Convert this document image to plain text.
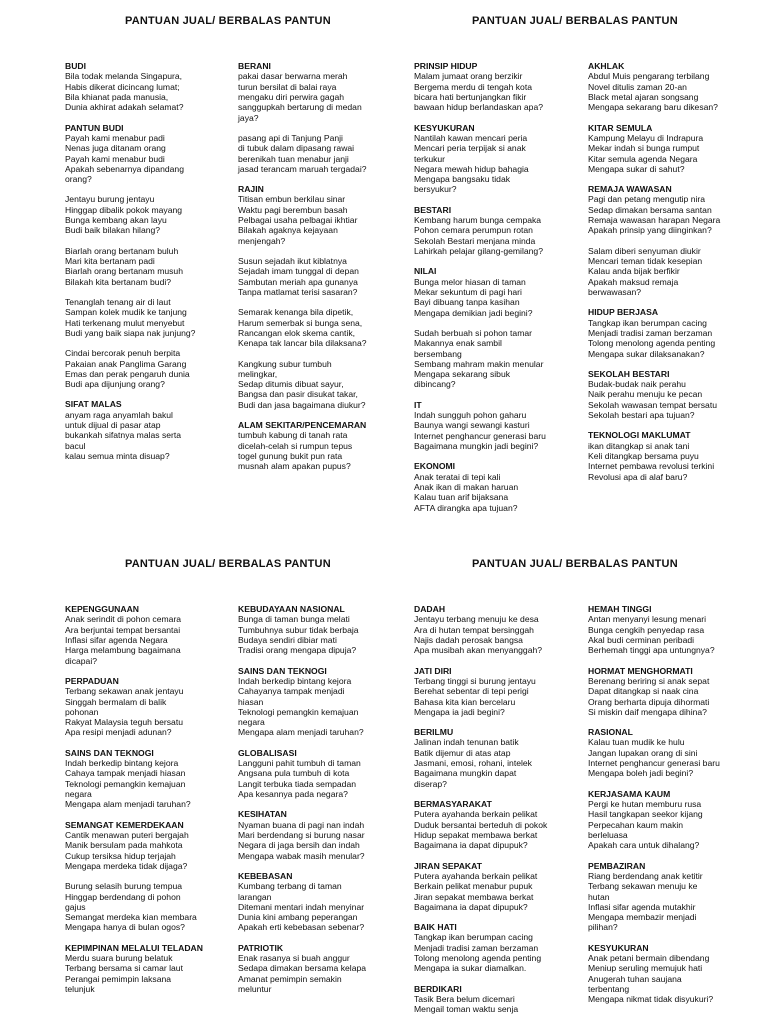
PANTUAN JUAL/ BERBALAS PANTUN	PANTUAN JUAL/ BERBALAS PANTUN
PANTUAN JUAL/ BERBALAS PANTUN	PANTUAN JUAL/ BERBALAS PANTUN
BUDI
Bila todak melanda Singapura,
Habis dikerat dicincang lumat;
Bila khianat pada manusia,
Dunia akhirat adakah selamat?
PANTUN BUDI
Payah kami menabur padi
Nenas juga ditanam orang
Payah kami menabur budi
Apakah sebenarnya dipandang
orang?
Jentayu burung jentayu
Hinggap dibalik pokok mayang
Bunga kembang akan layu
Budi baik bilakan hilang?
Biarlah orang bertanam buluh
Mari kita bertanam padi
Biarlah orang bertanam musuh
Bilakah kita bertanam budi?
Tenanglah tenang air di laut
Sampan kolek mudik ke tanjung
Hati terkenang mulut menyebut
Budi yang baik siapa nak junjung?
Cindai bercorak penuh berpita
Pakaian anak Panglima Garang
Emas dan perak pengaruh dunia
Budi apa dijunjung orang?
SIFAT MALAS
anyam raga anyamlah bakul
untuk dijual di pasar atap
bukankah sifatnya malas serta
bacul
kalau semua minta disuap?
BERANI
pakai dasar berwarna merah
turun bersilat di balai raya
mengaku diri perwira gagah
sanggupkah bertarung di medan
jaya?
pasang api di Tanjung Panji
di tubuk dalam dipasang rawai
berenikah tuan menabur janji
jasad terancam maruah tergadai?
RAJIN
Titisan embun berkilau sinar
Waktu pagi berembun basah
Pelbagai usaha pelbagai ikhtiar
Bilakah agaknya kejayaan
menjengah?
Susun sejadah ikut kiblatnya
Sejadah imam tunggal di depan
Sambutan meriah apa gunanya
Tanpa matlamat terisi sasaran?
Semarak kenanga bila dipetik,
Harum semerbak si bunga sena,
Rancangan elok skema cantik,
Kenapa tak lancar bila dilaksana?
Kangkung subur tumbuh
melingkar,
Sedap ditumis dibuat sayur,
Bangsa dan pasir disukat takar,
Budi dan jasa bagaimana diukur?
ALAM SEKITAR/PENCEMARAN
tumbuh kabung di tanah rata
dicelah-celah si rumpun tepus
togel gunung bukit pun rata
musnah alam apakan pupus?
PRINSIP HIDUP
Malam jumaat orang berzikir
Bergema merdu di tengah kota
bicara hati bertunjangkan fikir
bawaan hidup berlandaskan apa?
KESYUKURAN
Nantilah kawan mencari peria
Mencari peria terpijak si anak
terkukur
Negara mewah hidup bahagia
Mengapa bangsaku tidak
bersyukur?
BESTARI
Kembang harum bunga cempaka
Pohon cemara perumpun rotan
Sekolah Bestari menjana minda
Lahirkah pelajar gilang-gemilang?
NILAI
Bunga melor hiasan di taman
Mekar sekuntum di pagi hari
Bayi dibuang tanpa kasihan
Mengapa demikian jadi begini?
Sudah berbuah si pohon tamar
Makannya enak sambil
bersembang
Sembang mahram makin menular
Mengapa sekarang sibuk
dibincang?
IT
Indah sungguh pohon gaharu
Baunya wangi sewangi kasturi
Internet penghancur generasi baru
Bagaimana mungkin jadi begini?
EKONOMI
Anak teratai di tepi kali
Anak ikan di makan haruan
Kalau tuan arif bijaksana
AFTA dirangka apa tujuan?
AKHLAK
Abdul Muis pengarang terbilang
Novel ditulis zaman 20-an
Black metal ajaran songsang
Mengapa sekarang baru dikesan?
KITAR SEMULA
Kampung Melayu di Indrapura
Mekar indah si bunga rumput
Kitar semula agenda Negara
Mengapa sukar di sahut?
REMAJA WAWASAN
Pagi dan petang mengutip nira
Sedap dimakan bersama santan
Remaja wawasan harapan Negara
Apakah prinsip yang diinginkan?
Salam diberi senyuman diukir
Mencari teman tidak kesepian
Kalau anda bijak berfikir
Apakah maksud remaja
berwawasan?
HIDUP BERJASA
Tangkap ikan berumpan cacing
Menjadi tradisi zaman berzaman
Tolong menolong agenda penting
Mengapa sukar dilaksanakan?
SEKOLAH BESTARI
Budak-budak naik perahu
Naik perahu menuju ke pecan
Sekolah wawasan tempat bersatu
Sekolah bestari apa tujuan?
TEKNOLOGI MAKLUMAT
ikan ditangkap si anak tani
Keli ditangkap bersama puyu
Internet pembawa revolusi terkini
Revolusi apa di alaf baru?
KEPENGGUNAAN
Anak serindit di pohon cemara
Ara berjuntai tempat bersantai
Inflasi sifar agenda Negara
Harga melambung bagaimana
dicapai?
PERPADUAN
Terbang sekawan anak jentayu
Singgah bermalam di balik
pohonan
Rakyat Malaysia teguh bersatu
Apa resipi menjadi adunan?
SAINS DAN TEKNOGI
Indah berkedip bintang kejora
Cahaya tampak menjadi hiasan
Teknologi pemangkin kemajuan
negara
Mengapa alam menjadi taruhan?
SEMANGAT KEMERDEKAAN
Cantik menawan puteri bergajah
Manik bersulam pada mahkota
Cukup tersiksa hidup terjajah
Mengapa merdeka tidak dijaga?
Burung selasih burung tempua
Hinggap berdendang di pohon
gajus
Semangat merdeka kian membara
Mengapa hanya di bulan ogos?
KEPIMPINAN MELALUI TELADAN
Merdu suara burung belatuk
Terbang bersama si camar laut
Perangai pemimpin laksana
telunjuk
KEBUDAYAAN NASIONAL
Bunga di taman bunga melati
Tumbuhnya subur tidak berbaja
Budaya sendiri dibiar mati
Tradisi orang mengapa dipuja?
SAINS DAN TEKNOGI
Indah berkedip bintang kejora
Cahayanya tampak menjadi
hiasan
Teknologi pemangkin kemajuan
negara
Mengapa alam menjadi taruhan?
GLOBALISASI
Langguni pahit tumbuh di taman
Angsana pula tumbuh di kota
Langit terbuka tiada sempadan
Apa kesannya pada negara?
KESIHATAN
Nyaman buana di pagi nan indah
Mari berdendang si burung nasar
Negara di jaga bersih dan indah
Mengapa wabak masih menular?
KEBEBASAN
Kumbang terbang di taman
larangan
Ditemani mentari indah menyinar
Dunia kini ambang peperangan
Apakah erti kebebasan sebenar?
PATRIOTIK
Enak rasanya si buah anggur
Sedapa dimakan bersama kelapa
Amanat pemimpin semakin
meluntur
DADAH
Jentayu terbang menuju ke desa
Ara di hutan tempat bersinggah
Najis dadah perosak bangsa
Apa musibah akan menyanggah?
JATI DIRI
Terbang tinggi si burung jentayu
Berehat sebentar di tepi perigi
Bahasa kita kian bercelaru
Mengapa ia jadi begini?
BERILMU
Jalinan indah tenunan batik
Batik dijemur di atas atap
Jasmani, emosi, rohani, intelek
Bagaimana mungkin dapat
diserap?
BERMASYARAKAT
Putera ayahanda berkain pelikat
Duduk bersantai berteduh di pokok
Hidup sepakat membawa berkat
Bagaimana ia dapat dipupuk?
JIRAN SEPAKAT
Putera ayahanda berkain pelikat
Berkain pelikat menabur pupuk
Jiran sepakat membawa berkat
Bagaimana ia dapat dipupuk?
BAIK HATI
Tangkap ikan berumpan cacing
Menjadi tradisi zaman berzaman
Tolong menolong agenda penting
Mengapa ia sukar diamalkan.
BERDIKARI
Tasik Bera belum dicemari
Mengail toman waktu senja
HEMAH TINGGI
Antan menyanyi lesung menari
Bunga cengkih penyedap rasa
Akal budi cerminan peribadi
Berhemah tinggi apa untungnya?
HORMAT MENGHORMATI
Berenang beriring si anak sepat
Dapat ditangkap si naak cina
Orang berharta dipuja dihormati
Si miskin daif mengapa dihina?
RASIONAL
Kalau tuan mudik ke hulu
Jangan lupakan orang di sini
Internet penghancur generasi baru
Mengapa boleh jadi begini?
KERJASAMA KAUM
Pergi ke hutan memburu rusa
Hasil tangkapan seekor kijang
Perpecahan kaum makin
berleluasa
Apakah cara untuk dihalang?
PEMBAZIRAN
Riang berdendang anak ketitir
Terbang sekawan menuju ke
hutan
Inflasi sifar agenda mutakhir
Mengapa membazir menjadi
pilihan?
KESYUKURAN
Anak petani bermain dibendang
Meniup seruling memujuk hati
Anugerah tuhan saujana
terbentang
Mengapa nikmat tidak disyukuri?
